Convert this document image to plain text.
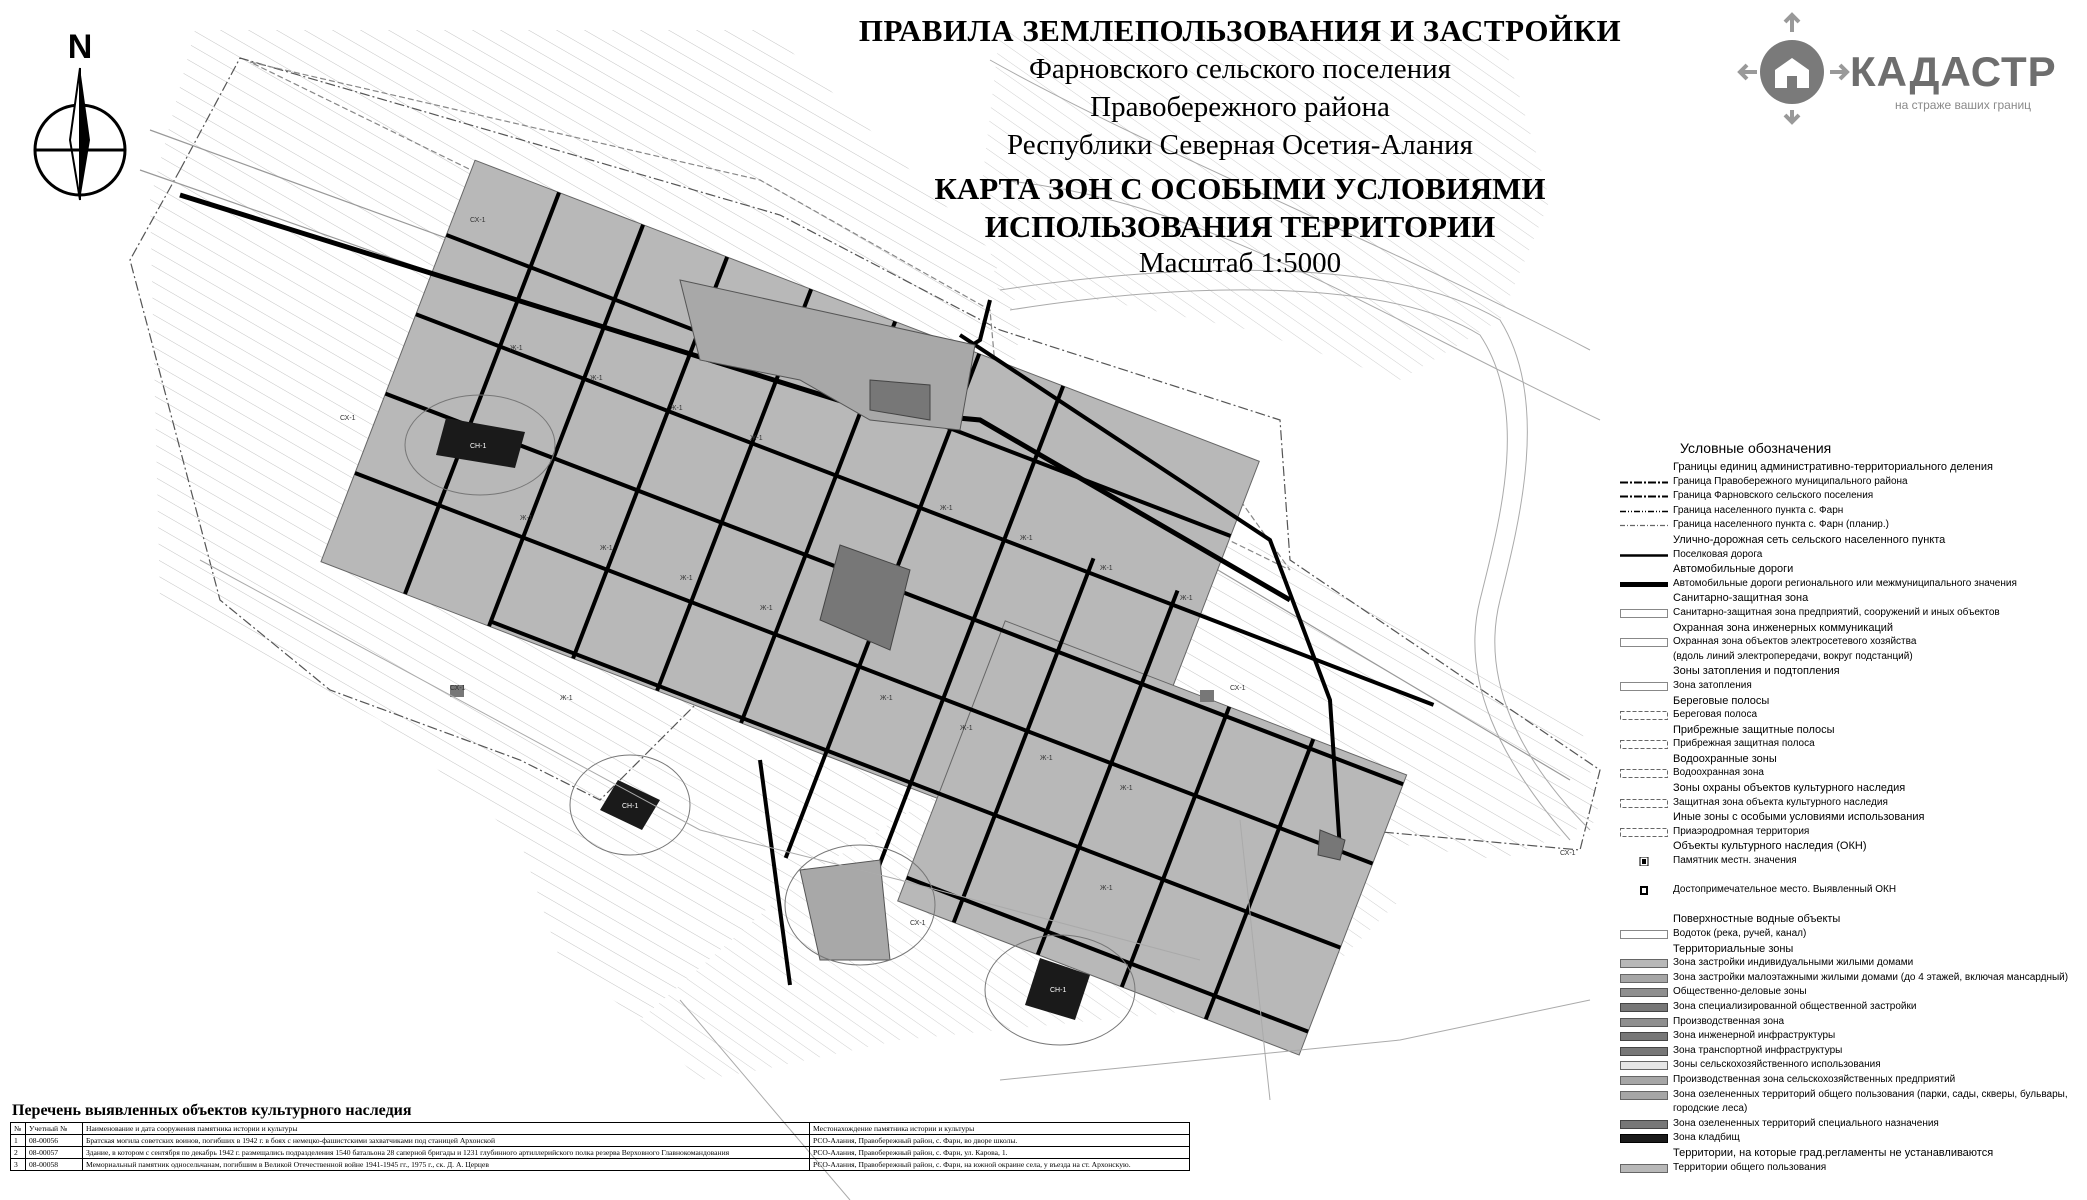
Ж-1
Ж-1
Ж-1
Ж-1
Ж-1
Ж-1
Ж-1
Ж-1
Ж-1
Ж-1
Ж-1
Ж-1
Ж-1
Ж-1
Ж-1
Ж-1
Ж-1
Ж-1
СХ-1
СХ-1
СХ-1
СХ-1
СХ-1
СХ-1
СН-1
СН-1
СН-1
N	ПРАВИЛА ЗЕМЛЕПОЛЬЗОВАНИЯ И ЗАСТРОЙКИ
Фарновского сельского поселения
Правобережного района
Республики Северная Осетия-Алания
КАРТА ЗОН С ОСОБЫМИ УСЛОВИЯМИ
ИСПОЛЬЗОВАНИЯ ТЕРРИТОРИИ
Масштаб 1:5000
КАДАСТР
на страже ваших границ
Условные обозначения
Границы единиц административно-территориального деления
Граница Правобережного муниципального района
Граница Фарновского сельского поселения
Граница населенного пункта с. Фарн
Граница населенного пункта с. Фарн (планир.)
Улично-дорожная сеть сельского населенного пункта
Поселковая дорога
Автомобильные дороги
Автомобильные дороги регионального или межмуниципального значения
Санитарно-защитная зона
Санитарно-защитная зона предприятий, сооружений и иных объектов
Охранная зона инженерных коммуникаций
Охранная зона объектов электросетевого хозяйства
(вдоль линий электропередачи, вокруг подстанций)
Зоны затопления и подтопления
Зона затопления
Береговые полосы
Береговая полоса
Прибрежные защитные полосы
Прибрежная защитная полоса
Водоохранные зоны
Водоохранная зона
Зоны охраны объектов культурного наследия
Защитная зона объекта культурного наследия
Иные зоны с особыми условиями использования
Приаэродромная территория
Объекты культурного наследия (ОКН)
Памятник местн. значения
Достопримечательное место. Выявленный ОКН
Поверхностные водные объекты
Водоток (река, ручей, канал)
Территориальные зоны
Зона застройки индивидуальными жилыми домами
Зона застройки малоэтажными жилыми домами (до 4 этажей, включая мансардный)
Общественно-деловые зоны
Зона специализированной общественной застройки
Производственная зона
Зона инженерной инфраструктуры
Зона транспортной инфраструктуры
Зоны сельскохозяйственного использования
Производственная зона сельскохозяйственных предприятий
Зона озелененных территорий общего пользования (парки, сады, скверы, бульвары,
городские леса)
Зона озелененных территорий специального назначения
Зона кладбищ
Территории, на которые град.регламенты не устанавливаются
Территории общего пользования
Перечень выявленных объектов культурного наследия
№	Учетный №	Наименование и дата сооружения памятника истории и культуры	Местонахождение памятника истории и культуры
1	08-00056	Братская могила советских воинов, погибших в 1942 г. в боях с немецко-фашистскими захватчиками под станицей Архонской	РСО-Алания, Правобережный район, с. Фарн, во дворе школы.
2	08-00057	Здание, в котором с сентября по декабрь 1942 г. размещались подразделения 1540 батальона 28 саперной бригады и 1231 глубинного артиллерийского полка резерва Верховного Главнокомандования	РСО-Алания, Правобережный район, с. Фарн, ул. Карова, 1.
3	08-00058	Мемориальный памятник односельчанам, погибшим в Великой Отечественной войне 1941-1945 гг., 1975 г., ск. Д. А. Церцев	РСО-Алания, Правобережный район, с. Фарн, на южной окраине села, у въезда на ст. Архонскую.
